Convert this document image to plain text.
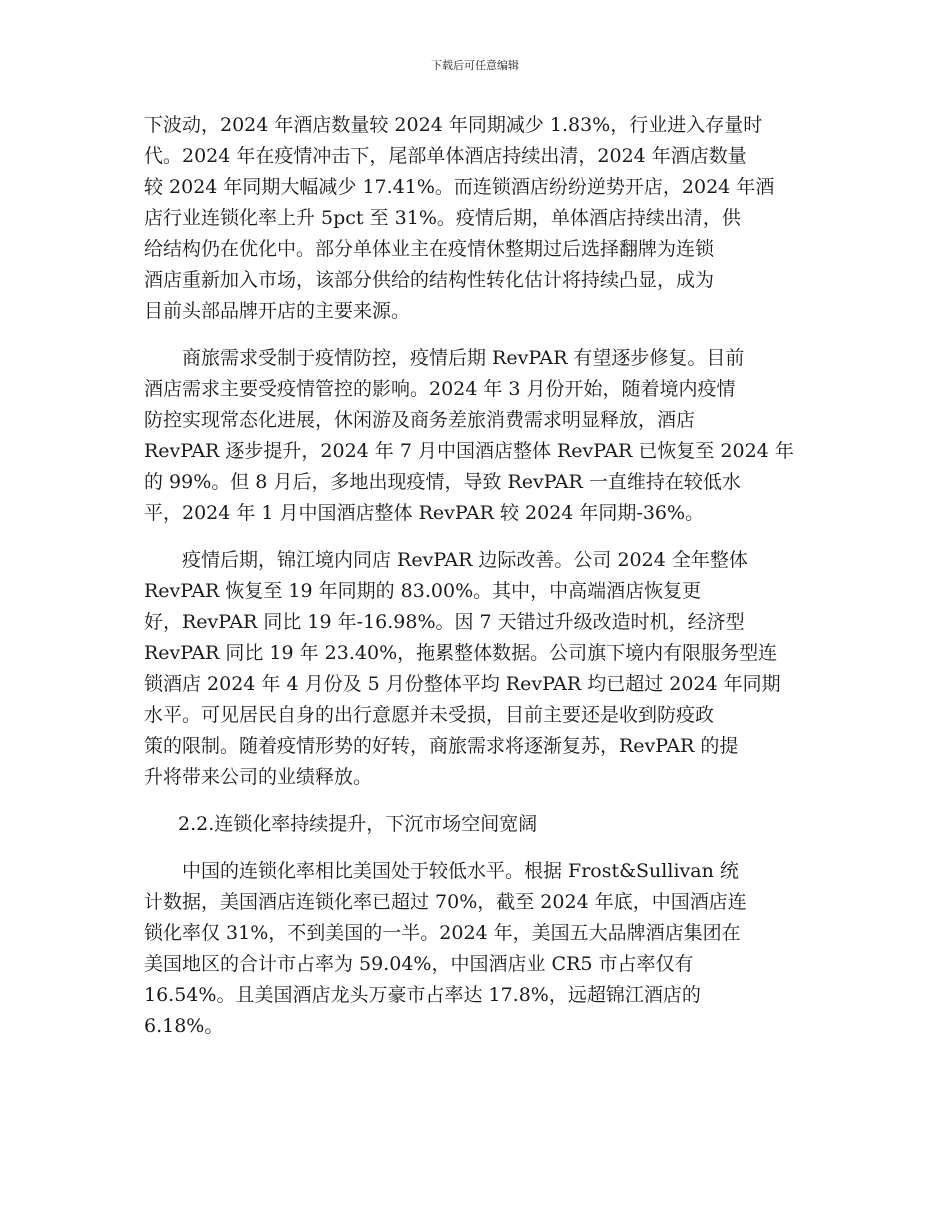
下载后可任意编辑
下波动，2024 年酒店数量较 2024 年同期减少 1.83%，行业进入存量时
代。2024 年在疫情冲击下，尾部单体酒店持续出清，2024 年酒店数量
较 2024 年同期大幅减少 17.41%。而连锁酒店纷纷逆势开店，2024 年酒
店行业连锁化率上升 5pct 至 31%。疫情后期，单体酒店持续出清，供
给结构仍在优化中。部分单体业主在疫情休整期过后选择翻牌为连锁
酒店重新加入市场，该部分供给的结构性转化估计将持续凸显，成为
目前头部品牌开店的主要来源。
商旅需求受制于疫情防控，疫情后期 RevPAR 有望逐步修复。目前
酒店需求主要受疫情管控的影响。2024 年 3 月份开始，随着境内疫情
防控实现常态化进展，休闲游及商务差旅消费需求明显释放，酒店
RevPAR 逐步提升，2024 年 7 月中国酒店整体 RevPAR 已恢复至 2024 年
的 99%。但 8 月后，多地出现疫情，导致 RevPAR 一直维持在较低水
平，2024 年 1 月中国酒店整体 RevPAR 较 2024 年同期-36%。
疫情后期，锦江境内同店 RevPAR 边际改善。公司 2024 全年整体
RevPAR 恢复至 19 年同期的 83.00%。其中，中高端酒店恢复更
好，RevPAR 同比 19 年-16.98%。因 7 天错过升级改造时机，经济型
RevPAR 同比 19 年 23.40%，拖累整体数据。公司旗下境内有限服务型连
锁酒店 2024 年 4 月份及 5 月份整体平均 RevPAR 均已超过 2024 年同期
水平。可见居民自身的出行意愿并未受损，目前主要还是收到防疫政
策的限制。随着疫情形势的好转，商旅需求将逐渐复苏，RevPAR 的提
升将带来公司的业绩释放。
2.2.连锁化率持续提升，下沉市场空间宽阔
中国的连锁化率相比美国处于较低水平。根据 Frost&Sullivan 统
计数据，美国酒店连锁化率已超过 70%，截至 2024 年底，中国酒店连
锁化率仅 31%，不到美国的一半。2024 年，美国五大品牌酒店集团在
美国地区的合计市占率为 59.04%，中国酒店业 CR5 市占率仅有
16.54%。且美国酒店龙头万豪市占率达 17.8%，远超锦江酒店的
6.18%。
